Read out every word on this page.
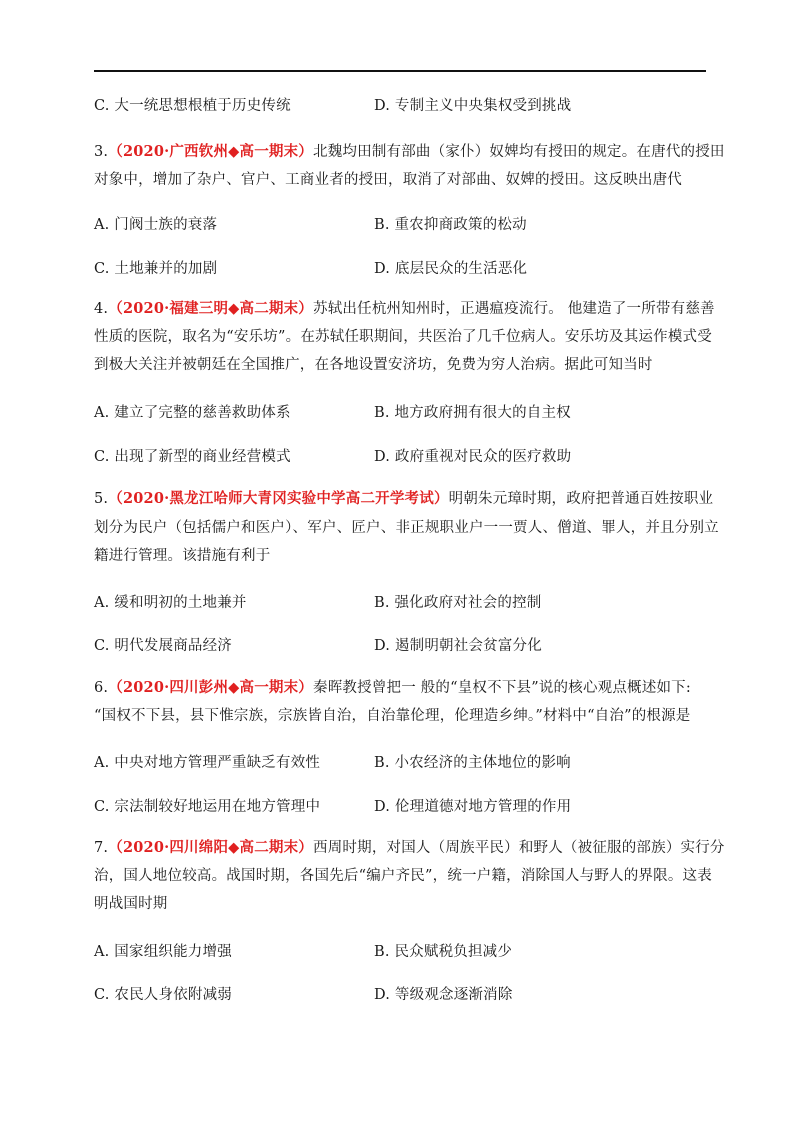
C. 大一统思想根植于历史传统	D. 专制主义中央集权受到挑战
3.（2020·广西钦州◆高一期末）北魏均田制有部曲（家仆）奴婢均有授田的规定。在唐代的授田
对象中，增加了杂户、官户、工商业者的授田，取消了对部曲、奴婢的授田。这反映出唐代
A. 门阀士族的衰落	B. 重农抑商政策的松动
C. 土地兼并的加剧	D. 底层民众的生活恶化
4.（2020·福建三明◆高二期末）苏轼出任杭州知州时，正遇瘟疫流行。 他建造了一所带有慈善
性质的医院，取名为“安乐坊”。在苏轼任职期间，共医治了几千位病人。安乐坊及其运作模式受
到极大关注并被朝廷在全国推广，在各地设置安济坊，免费为穷人治病。据此可知当时
A. 建立了完整的慈善救助体系	B. 地方政府拥有很大的自主权
C. 出现了新型的商业经营模式	D. 政府重视对民众的医疗救助
5.（2020·黑龙江哈师大青冈实验中学高二开学考试）明朝朱元璋时期，政府把普通百姓按职业
划分为民户（包括儒户和医户）、军户、匠户、非正规职业户一一贾人、僧道、罪人，并且分别立
籍进行管理。该措施有利于
A. 缓和明初的土地兼并	B. 强化政府对社会的控制
C. 明代发展商品经济	D. 遏制明朝社会贫富分化
6.（2020·四川彭州◆高一期末）秦晖教授曾把一 般的“皇权不下县”说的核心观点概述如下:
“国权不下县，县下惟宗族，宗族皆自治，自治靠伦理，伦理造乡绅。”材料中“自治”的根源是
A. 中央对地方管理严重缺乏有效性	B. 小农经济的主体地位的影响
C. 宗法制较好地运用在地方管理中	D. 伦理道德对地方管理的作用
7.（2020·四川绵阳◆高二期末）西周时期，对国人（周族平民）和野人（被征服的部族）实行分
治，国人地位较高。战国时期，各国先后“编户齐民”，统一户籍，消除国人与野人的界限。这表
明战国时期
A. 国家组织能力增强	B. 民众赋税负担减少
C. 农民人身依附减弱	D. 等级观念逐渐消除
